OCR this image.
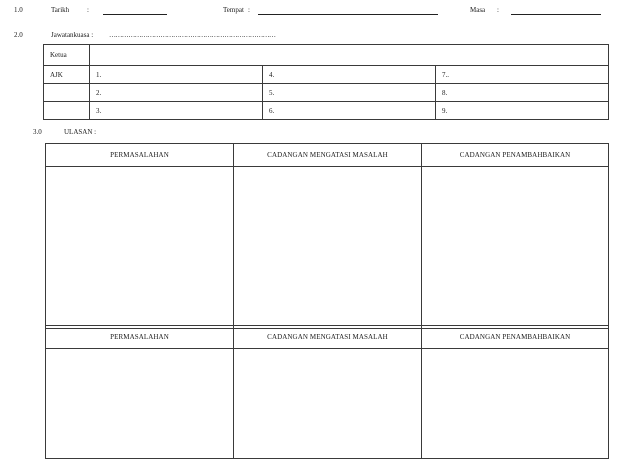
1.0	Tarikh	:	Tempat :	Masa :
2.0	Jawatankuasa : ……………………………………………………………………
Ketua			
AJK	1.	4.	7..
	2.	5.	8.
	3.	6.	9.
3.0	ULASAN :
PERMASALAHAN	CADANGAN MENGATASI MASALAH	CADANGAN PENAMBAHBAIKAN

PERMASALAHAN	CADANGAN MENGATASI MASALAH	CADANGAN PENAMBAHBAIKAN
